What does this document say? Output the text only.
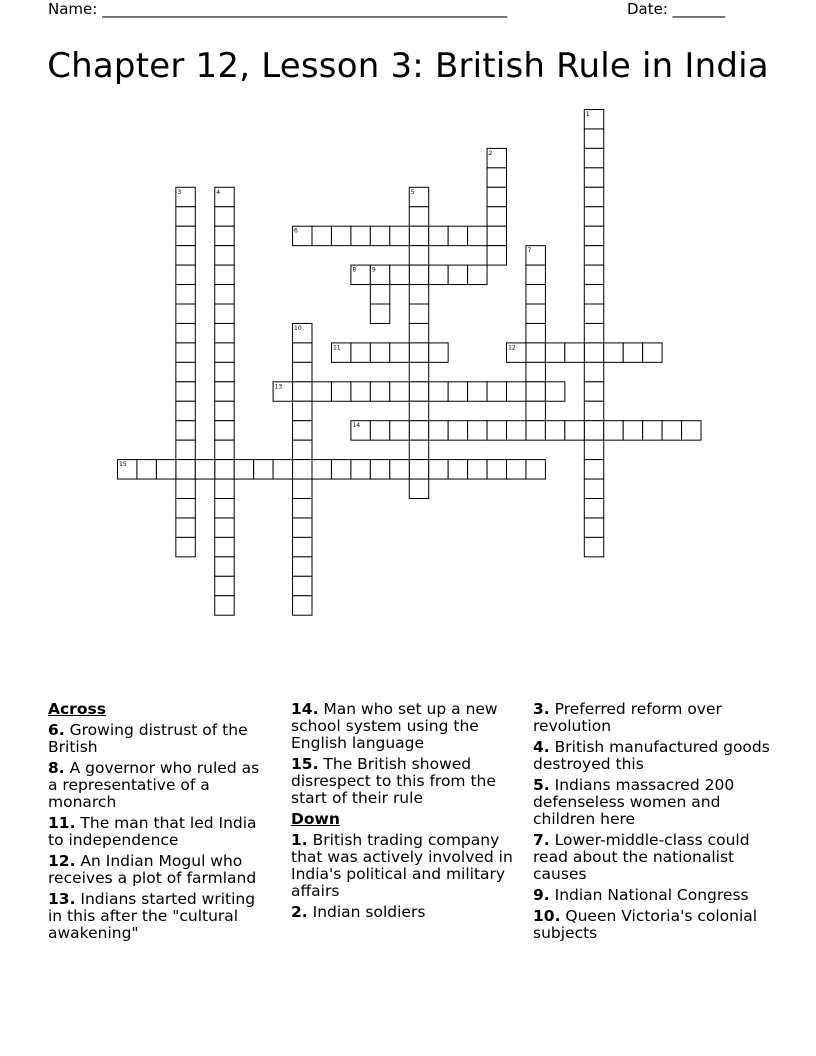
Name: ______________________________________________________	Date: _______
Chapter 12, Lesson 3: British Rule in India
1
2
3	4	5
6
7
8	9
10
11	12
13
14
15
Across
6. Growing distrust of the British
8. A governor who ruled as a representative of a monarch
11. The man that led India to independence
12. An Indian Mogul who receives a plot of farmland
13. Indians started writing in this after the "cultural awakening"
14. Man who set up a new school system using the English language
15. The British showed disrespect to this from the start of their rule
Down
1. British trading company that was actively involved in India's political and military affairs
2. Indian soldiers
3. Preferred reform over revolution
4. British manufactured goods destroyed this
5. Indians massacred 200 defenseless women and children here
7. Lower-middle-class could read about the nationalist causes
9. Indian National Congress
10. Queen Victoria's colonial subjects
